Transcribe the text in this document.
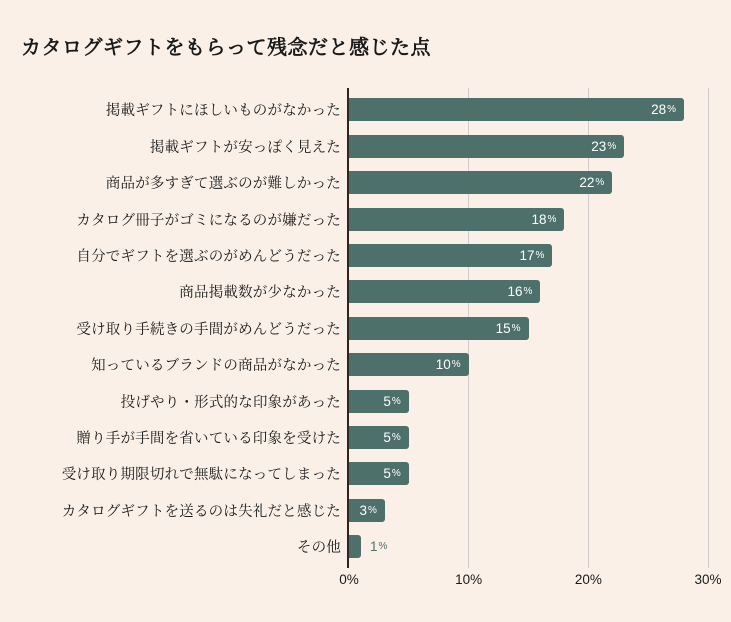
カタログギフトをもらって残念だと感じた点
0%	10%	20%	30%
掲載ギフトにほしいものがなかった	28 %
掲載ギフトが安っぽく見えた	23 %
商品が多すぎて選ぶのが難しかった	22 %
カタログ冊子がゴミになるのが嫌だった	18 %
自分でギフトを選ぶのがめんどうだった	17 %
商品掲載数が少なかった	16 %
受け取り手続きの手間がめんどうだった	15 %
知っているブランドの商品がなかった	10 %
投げやり・形式的な印象があった	5 %
贈り手が手間を省いている印象を受けた	5 %
受け取り期限切れで無駄になってしまった	5 %
カタログギフトを送るのは失礼だと感じた 3 %
その他 1 %
